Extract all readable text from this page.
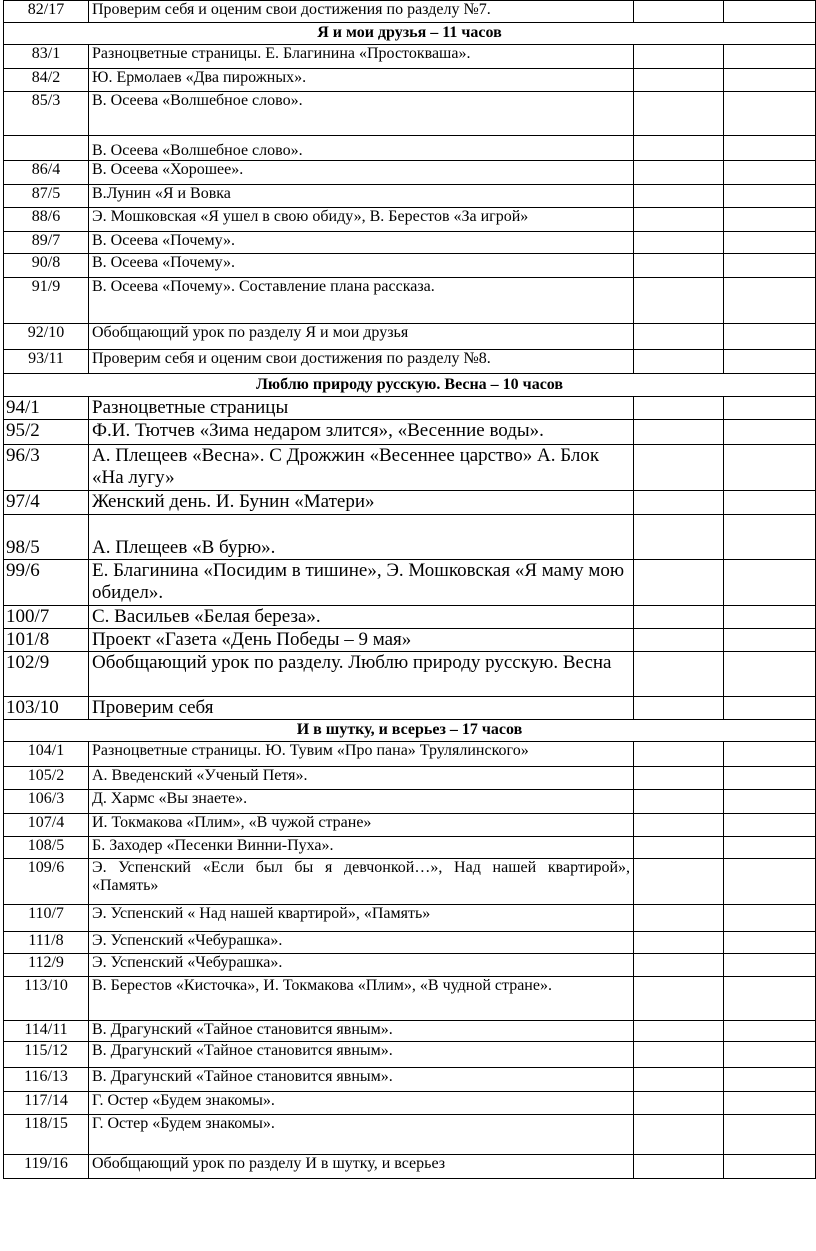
82/17	Проверим себя и оценим свои достижения по разделу №7.		
Я и мои друзья – 11 часов			
83/1	Разноцветные страницы. Е. Благинина «Простокваша».		
84/2	Ю. Ермолаев «Два пирожных».		
85/3	В. Осеева «Волшебное слово».		
	В. Осеева «Волшебное слово».		
86/4	В. Осеева «Хорошее».		
87/5	В.Лунин «Я и Вовка		
88/6	Э. Мошковская «Я ушел в свою обиду», В. Берестов «За игрой»		
89/7	В. Осеева «Почему».		
90/8	В. Осеева «Почему».		
91/9	В. Осеева «Почему». Составление плана рассказа.		
92/10	Обобщающий урок по разделу Я и мои друзья		
93/11	Проверим себя и оценим свои достижения по разделу №8.		
Люблю природу русскую. Весна – 10 часов			
94/1	Разноцветные страницы		
95/2	Ф.И. Тютчев «Зима недаром злится», «Весенние воды».		
96/3	А. Плещеев «Весна». С Дрожжин «Весеннее царство» А. Блок «На лугу»		
97/4	Женский день. И. Бунин «Матери»		
98/5	А. Плещеев «В бурю».		
99/6	Е. Благинина «Посидим в тишине», Э. Мошковская «Я маму мою обидел».		
100/7	С. Васильев «Белая береза».		
101/8	Проект «Газета «День Победы – 9 мая»		
102/9	Обобщающий урок по разделу. Люблю природу русскую. Весна		
103/10	Проверим себя		
И в шутку, и всерьез – 17 часов			
104/1	Разноцветные страницы. Ю. Тувим «Про пана» Трулялинского»		
105/2	А. Введенский «Ученый Петя».		
106/3	Д. Хармс «Вы знаете».		
107/4	И. Токмакова «Плим», «В чужой стране»		
108/5	Б. Заходер «Песенки Винни-Пуха».		
109/6	Э. Успенский «Если был бы я девчонкой…», Над нашей квартирой», «Память»		
110/7	Э. Успенский « Над нашей квартирой», «Память»		
111/8	Э. Успенский «Чебурашка».		
112/9	Э. Успенский «Чебурашка».		
113/10	В. Берестов «Кисточка», И. Токмакова «Плим», «В чудной стране».		
114/11	В. Драгунский «Тайное становится явным».		
115/12	В. Драгунский «Тайное становится явным».		
116/13	В. Драгунский «Тайное становится явным».		
117/14	Г. Остер «Будем знакомы».		
118/15	Г. Остер «Будем знакомы».		
119/16	Обобщающий урок по разделу И в шутку, и всерьез		
